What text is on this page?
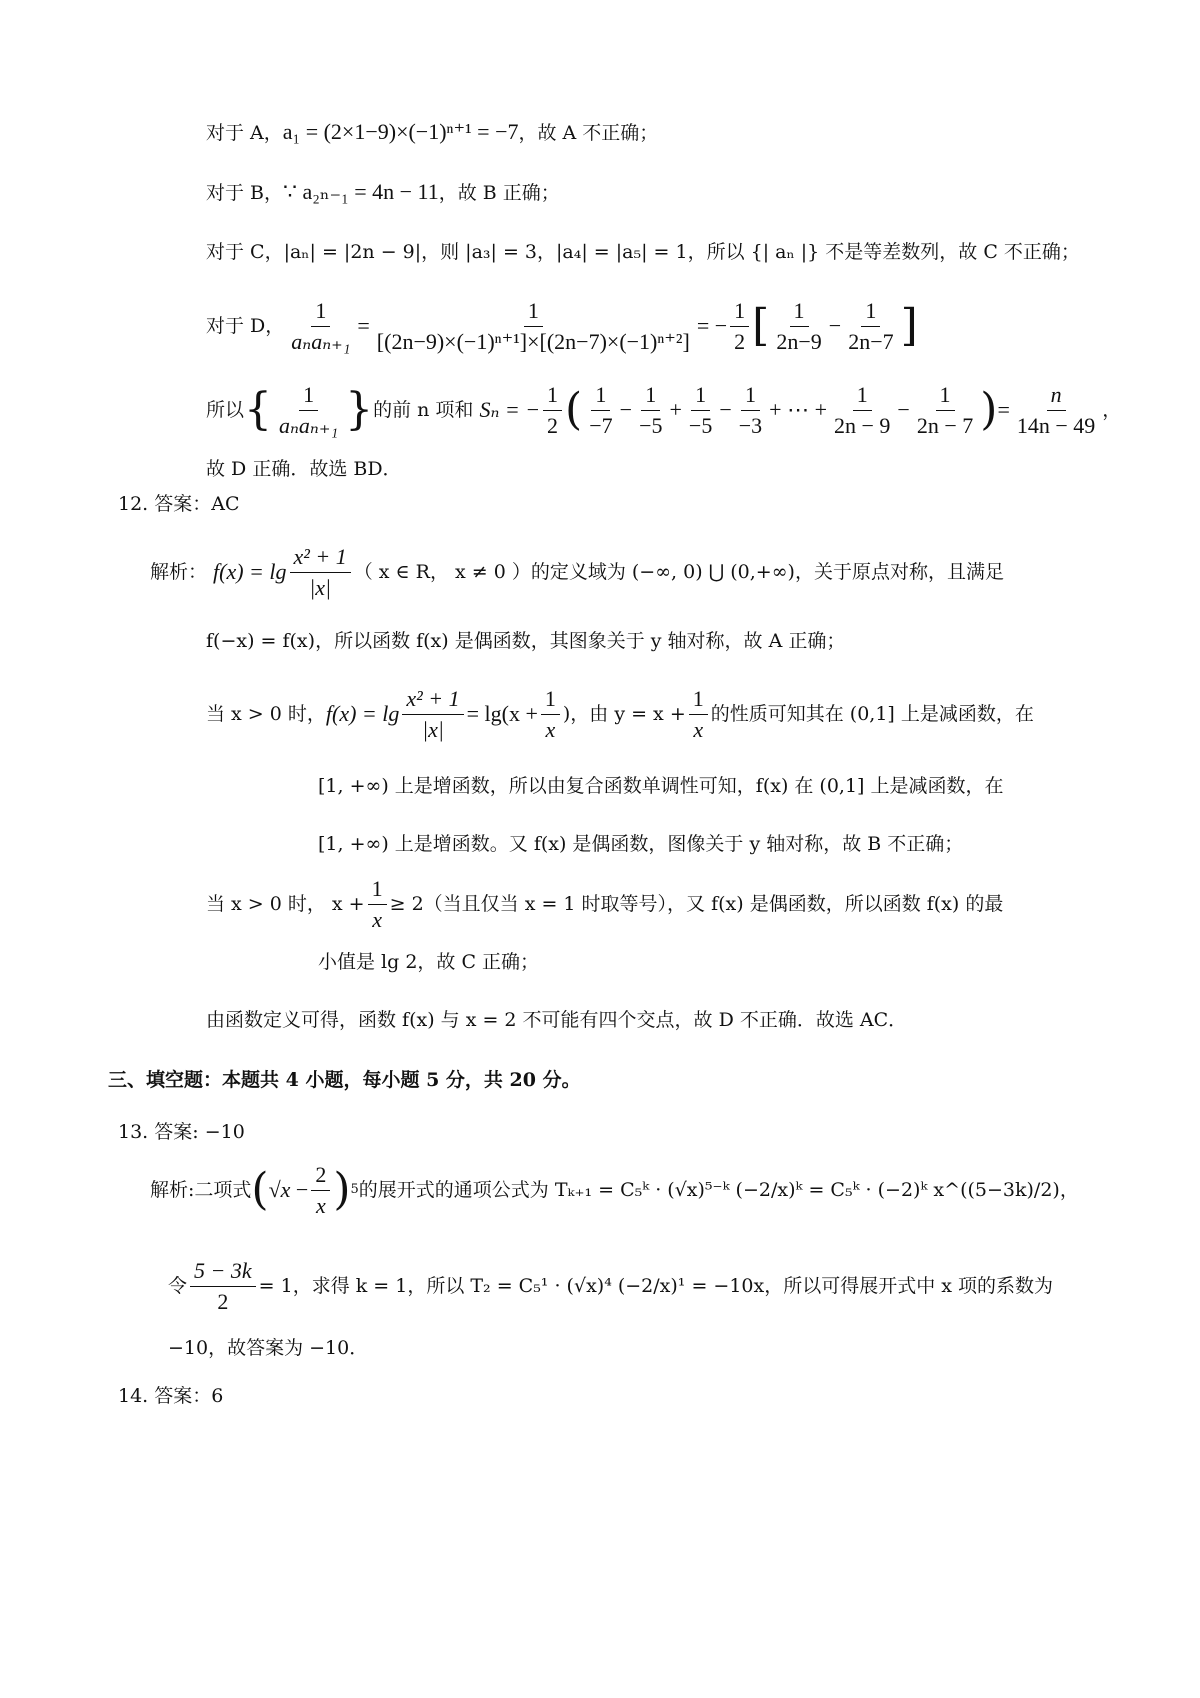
对于 A，a₁ = (2×1−9)×(−1)ⁿ⁺¹ = −7，故 A 不正确；
对于 B，∵ a₂ₙ₋₁ = 4n − 11，故 B 正确；
对于 C，|aₙ| = |2n − 9|，则 |a₃| = 3，|a₄| = |a₅| = 1，所以 {| aₙ |} 不是等差数列，故 C 不正确；
对于 D， $\frac{1}{\text{aₙaₙ₊₁}} = \frac{1}{\text{[(2n−9)×(−1)ⁿ⁺¹]×[(2n−7)×(−1)ⁿ⁺²]}}$ = − $\frac{1}{2}$ [ $\frac{1}{2n-9} - \frac{1}{2n-7}$ ]
所以 { $\frac{1}{\text{aₙaₙ₊₁}}$ } 的前 n 项和 Sₙ = − $\frac{1}{2}$ ( $\frac{1}{-7} - \frac{1}{-5} + \frac{1}{-5} - \frac{1}{-3}$ + ⋯ + $\frac{1}{2n - 9} - \frac{1}{2n - 7}$ ) = $\frac{n}{14n - 49}$ ，
故 D 正确．故选 BD．
12. 答案：AC
解析： $f(x) = \lg \frac{\text{x² + 1}}{|x|}$ （ x ∈ R， x ≠ 0 ）的定义域为 (−∞, 0) ⋃ (0,+∞)，关于原点对称，且满足
f(−x) = f(x)，所以函数 f(x) 是偶函数，其图象关于 y 轴对称，故 A 正确；
当 x > 0 时， $f(x) = \lg \frac{\text{x² + 1}}{|x|} = \lg(x + \frac{1}{x}$ )，由 $y = x + \frac{1}{x}$ 的性质可知其在 (0,1] 上是减函数，在
[1, +∞) 上是增函数，所以由复合函数单调性可知，f(x) 在 (0,1] 上是减函数，在
[1, +∞) 上是增函数。又 f(x) 是偶函数，图像关于 y 轴对称，故 B 不正确；
当 x > 0 时， $x + \frac{1}{x} \ge 2$（当且仅当 x = 1 时取等号），又 f(x) 是偶函数，所以函数 f(x) 的最
小值是 lg 2，故 C 正确；
由函数定义可得，函数 f(x) 与 x = 2 不可能有四个交点，故 D 不正确．故选 AC．
三、填空题：本题共 4 小题，每小题 5 分，共 20 分。
13. 答案: −10
解析:二项式 ( $√x - \frac{2}{x}$ ) 5 的展开式的通项公式为 Tₖ₊₁ = C₅ᵏ · (√x)⁵⁻ᵏ (−2/x)ᵏ = C₅ᵏ · (−2)ᵏ x^((5−3k)/2)，
令 $\frac{5 - 3k}{2} = 1$，求得 k = 1，所以 T₂ = C₅¹ · (√x)⁴ (−2/x)¹ = −10x，所以可得展开式中 x 项的系数为
−10，故答案为 −10．
14. 答案：6
